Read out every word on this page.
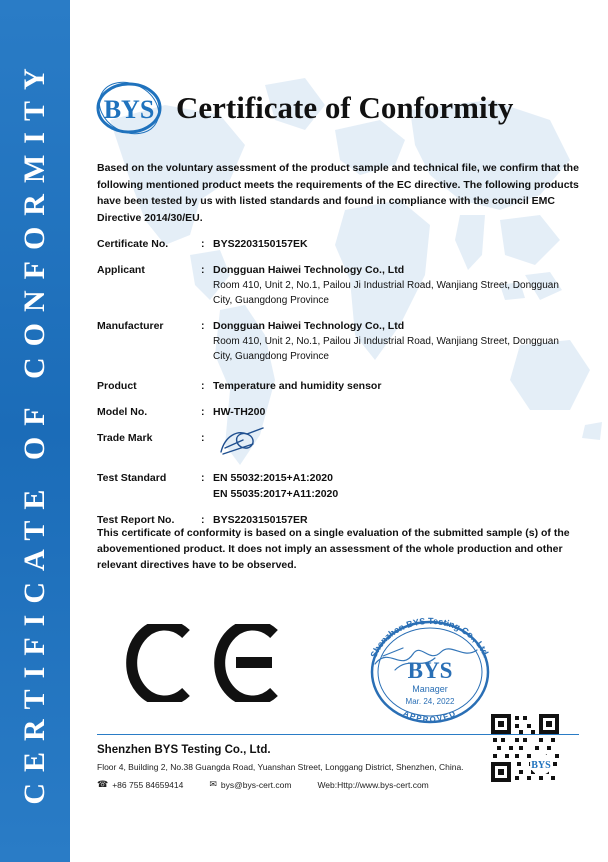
CERTIFICATE OF CONFORMITY	BYS Certificate of Conformity
Based on the voluntary assessment of the product sample and technical file, we confirm that the following mentioned product meets the requirements of the EC directive. The following products have been tested by us with listed standards and found in compliance with the council EMC Directive 2014/30/EU.
Certificate No.	: BYS2203150157EK
Applicant	: Dongguan Haiwei Technology Co., Ltd
Room 410, Unit 2, No.1, Pailou Ji Industrial Road, Wanjiang Street, Dongguan City, Guangdong Province
Manufacturer	: Dongguan Haiwei Technology Co., Ltd
Room 410, Unit 2, No.1, Pailou Ji Industrial Road, Wanjiang Street, Dongguan City, Guangdong Province
Product	: Temperature and humidity sensor
Model No.	: HW-TH200
Trade Mark	:
Test Standard	: EN 55032:2015+A1:2020
EN 55035:2017+A11:2020
Test Report No.	: BYS2203150157ER
This certificate of conformity is based on a single evaluation of the submitted sample (s) of the abovementioned product. It does not imply an assessment of the whole production and other relevant directives have to be observed.
Shenzhen BYS Testing Co., Ltd.
BYS
Manager
Mar. 24, 2022
APPROVED
BYS
Shenzhen BYS Testing Co., Ltd.
Floor 4, Building 2, No.38 Guangda Road, Yuanshan Street, Longgang District, Shenzhen, China.
☎ +86 755 84659414	✉ bys@bys-cert.com	Web:Http://www.bys-cert.com
